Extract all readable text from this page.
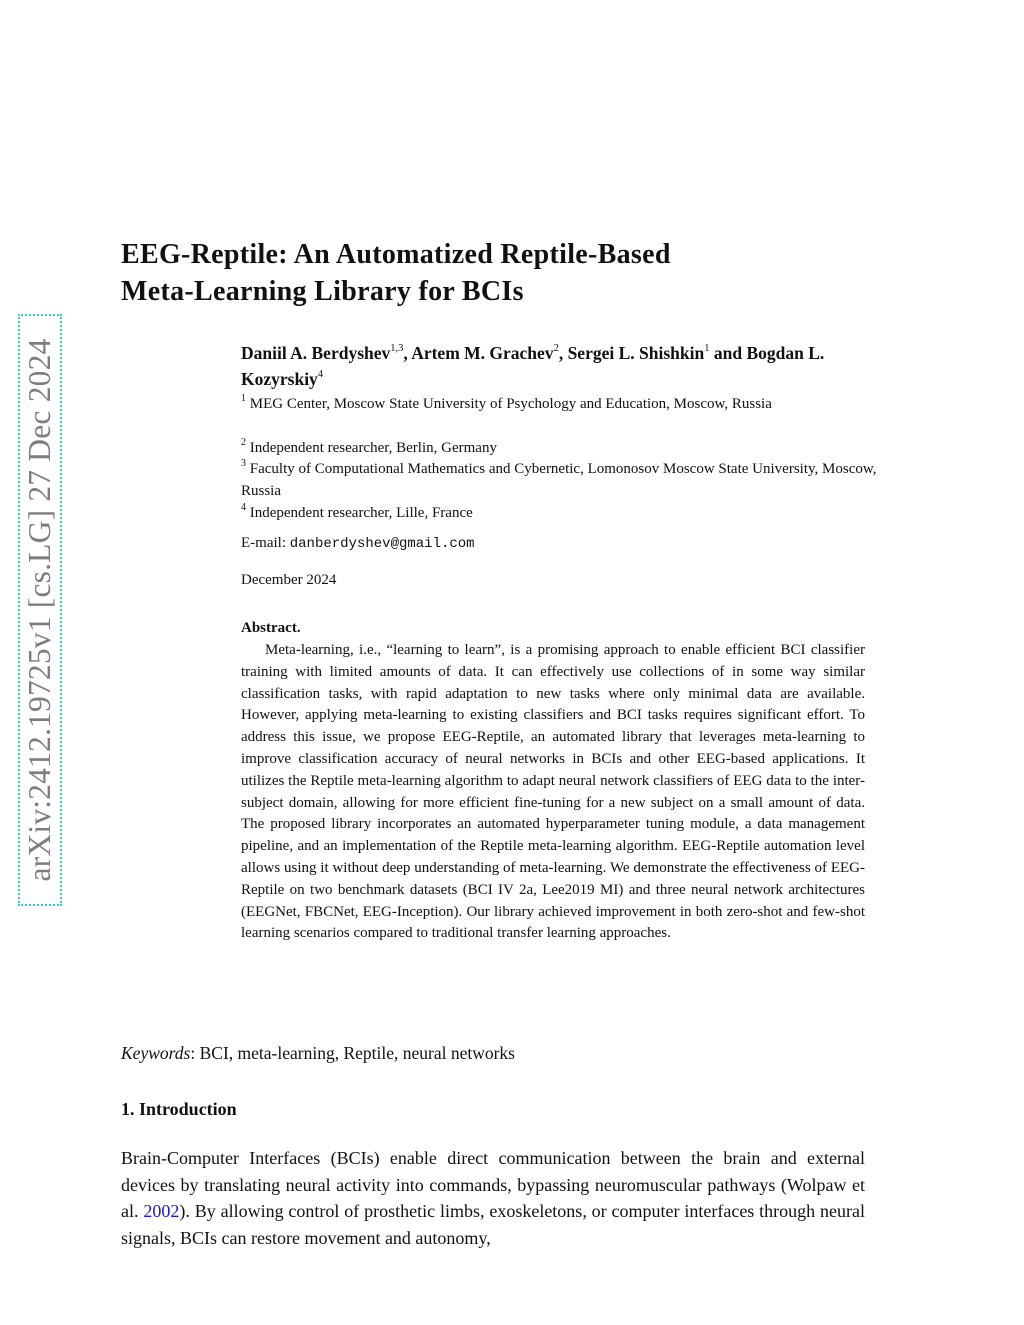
arXiv:2412.19725v1 [cs.LG] 27 Dec 2024
EEG-Reptile: An Automatized Reptile-Based
Meta-Learning Library for BCIs
Daniil A. Berdyshev$^{1,3}$, Artem M. Grachev$^2$, Sergei L. Shishkin$^1$ and Bogdan L. Kozyrskiy$^4$
$^1$ MEG Center, Moscow State University of Psychology and Education, Moscow, Russia
$^2$ Independent researcher, Berlin, Germany
$^3$ Faculty of Computational Mathematics and Cybernetic, Lomonosov Moscow State University, Moscow, Russia
$^4$ Independent researcher, Lille, France
E-mail: danberdyshev@gmail.com
December 2024
Abstract.

Meta-learning, i.e., “learning to learn”, is a promising approach to enable efficient BCI classifier training with limited amounts of data. It can effectively use collections of in some way similar classification tasks, with rapid adaptation to new tasks where only minimal data are available. However, applying meta-learning to existing classifiers and BCI tasks requires significant effort. To address this issue, we propose EEG-Reptile, an automated library that leverages meta-learning to improve classification accuracy of neural networks in BCIs and other EEG-based applications. It utilizes the Reptile meta-learning algorithm to adapt neural network classifiers of EEG data to the inter-subject domain, allowing for more efficient fine-tuning for a new subject on a small amount of data. The proposed library incorporates an automated hyperparameter tuning module, a data management pipeline, and an implementation of the Reptile meta-learning algorithm. EEG-Reptile automation level allows using it without deep understanding of meta-learning. We demonstrate the effectiveness of EEG-Reptile on two benchmark datasets (BCI IV 2a, Lee2019 MI) and three neural network architectures (EEGNet, FBCNet, EEG-Inception). Our library achieved improvement in both zero-shot and few-shot learning scenarios compared to traditional transfer learning approaches.

Keywords: BCI, meta-learning, Reptile, neural networks
1. Introduction

Brain-Computer Interfaces (BCIs) enable direct communication between the brain and external devices by translating neural activity into commands, bypassing neuromuscular pathways (Wolpaw et al. 2002). By allowing control of prosthetic limbs, exoskeletons, or computer interfaces through neural signals, BCIs can restore movement and autonomy,
